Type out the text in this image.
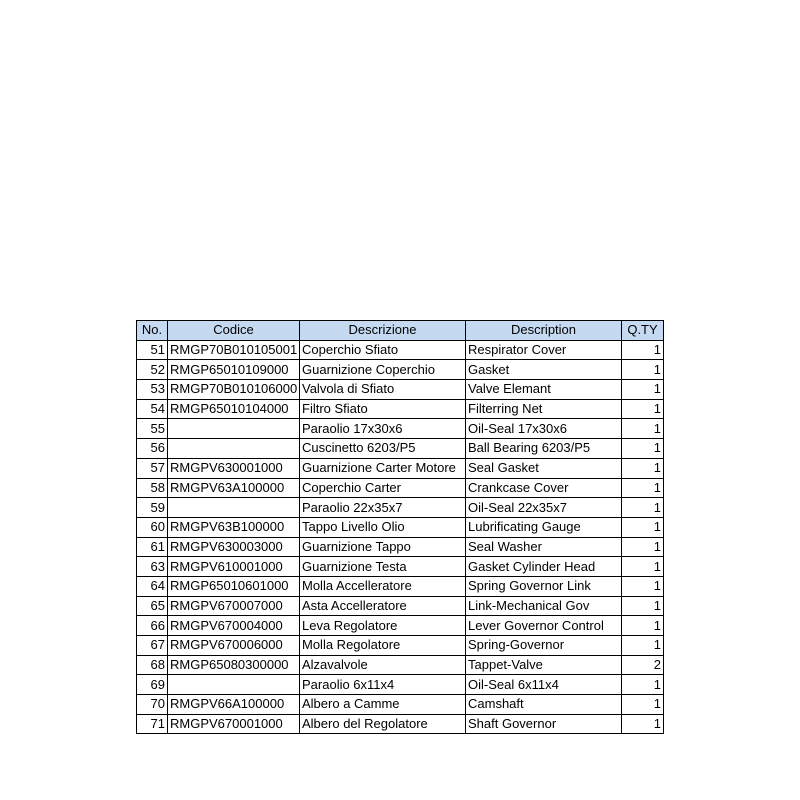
No.	Codice	Descrizione	Description	Q.TY
51	RMGP70B010105001	Coperchio Sfiato	Respirator Cover	1
52	RMGP65010109000	Guarnizione Coperchio	Gasket	1
53	RMGP70B010106000	Valvola di Sfiato	Valve Elemant	1
54	RMGP65010104000	Filtro Sfiato	Filterring Net	1
55		Paraolio 17x30x6	Oil-Seal 17x30x6	1
56		Cuscinetto 6203/P5	Ball Bearing 6203/P5	1
57	RMGPV630001000	Guarnizione Carter Motore	Seal Gasket	1
58	RMGPV63A100000	Coperchio Carter	Crankcase Cover	1
59		Paraolio 22x35x7	Oil-Seal 22x35x7	1
60	RMGPV63B100000	Tappo Livello Olio	Lubrificating Gauge	1
61	RMGPV630003000	Guarnizione Tappo	Seal Washer	1
63	RMGPV610001000	Guarnizione Testa	Gasket Cylinder Head	1
64	RMGP65010601000	Molla Accelleratore	Spring Governor Link	1
65	RMGPV670007000	Asta Accelleratore	Link-Mechanical Gov	1
66	RMGPV670004000	Leva Regolatore	Lever Governor Control	1
67	RMGPV670006000	Molla Regolatore	Spring-Governor	1
68	RMGP65080300000	Alzavalvole	Tappet-Valve	2
69		Paraolio 6x11x4	Oil-Seal 6x11x4	1
70	RMGPV66A100000	Albero a Camme	Camshaft	1
71	RMGPV670001000	Albero del Regolatore	Shaft Governor	1
